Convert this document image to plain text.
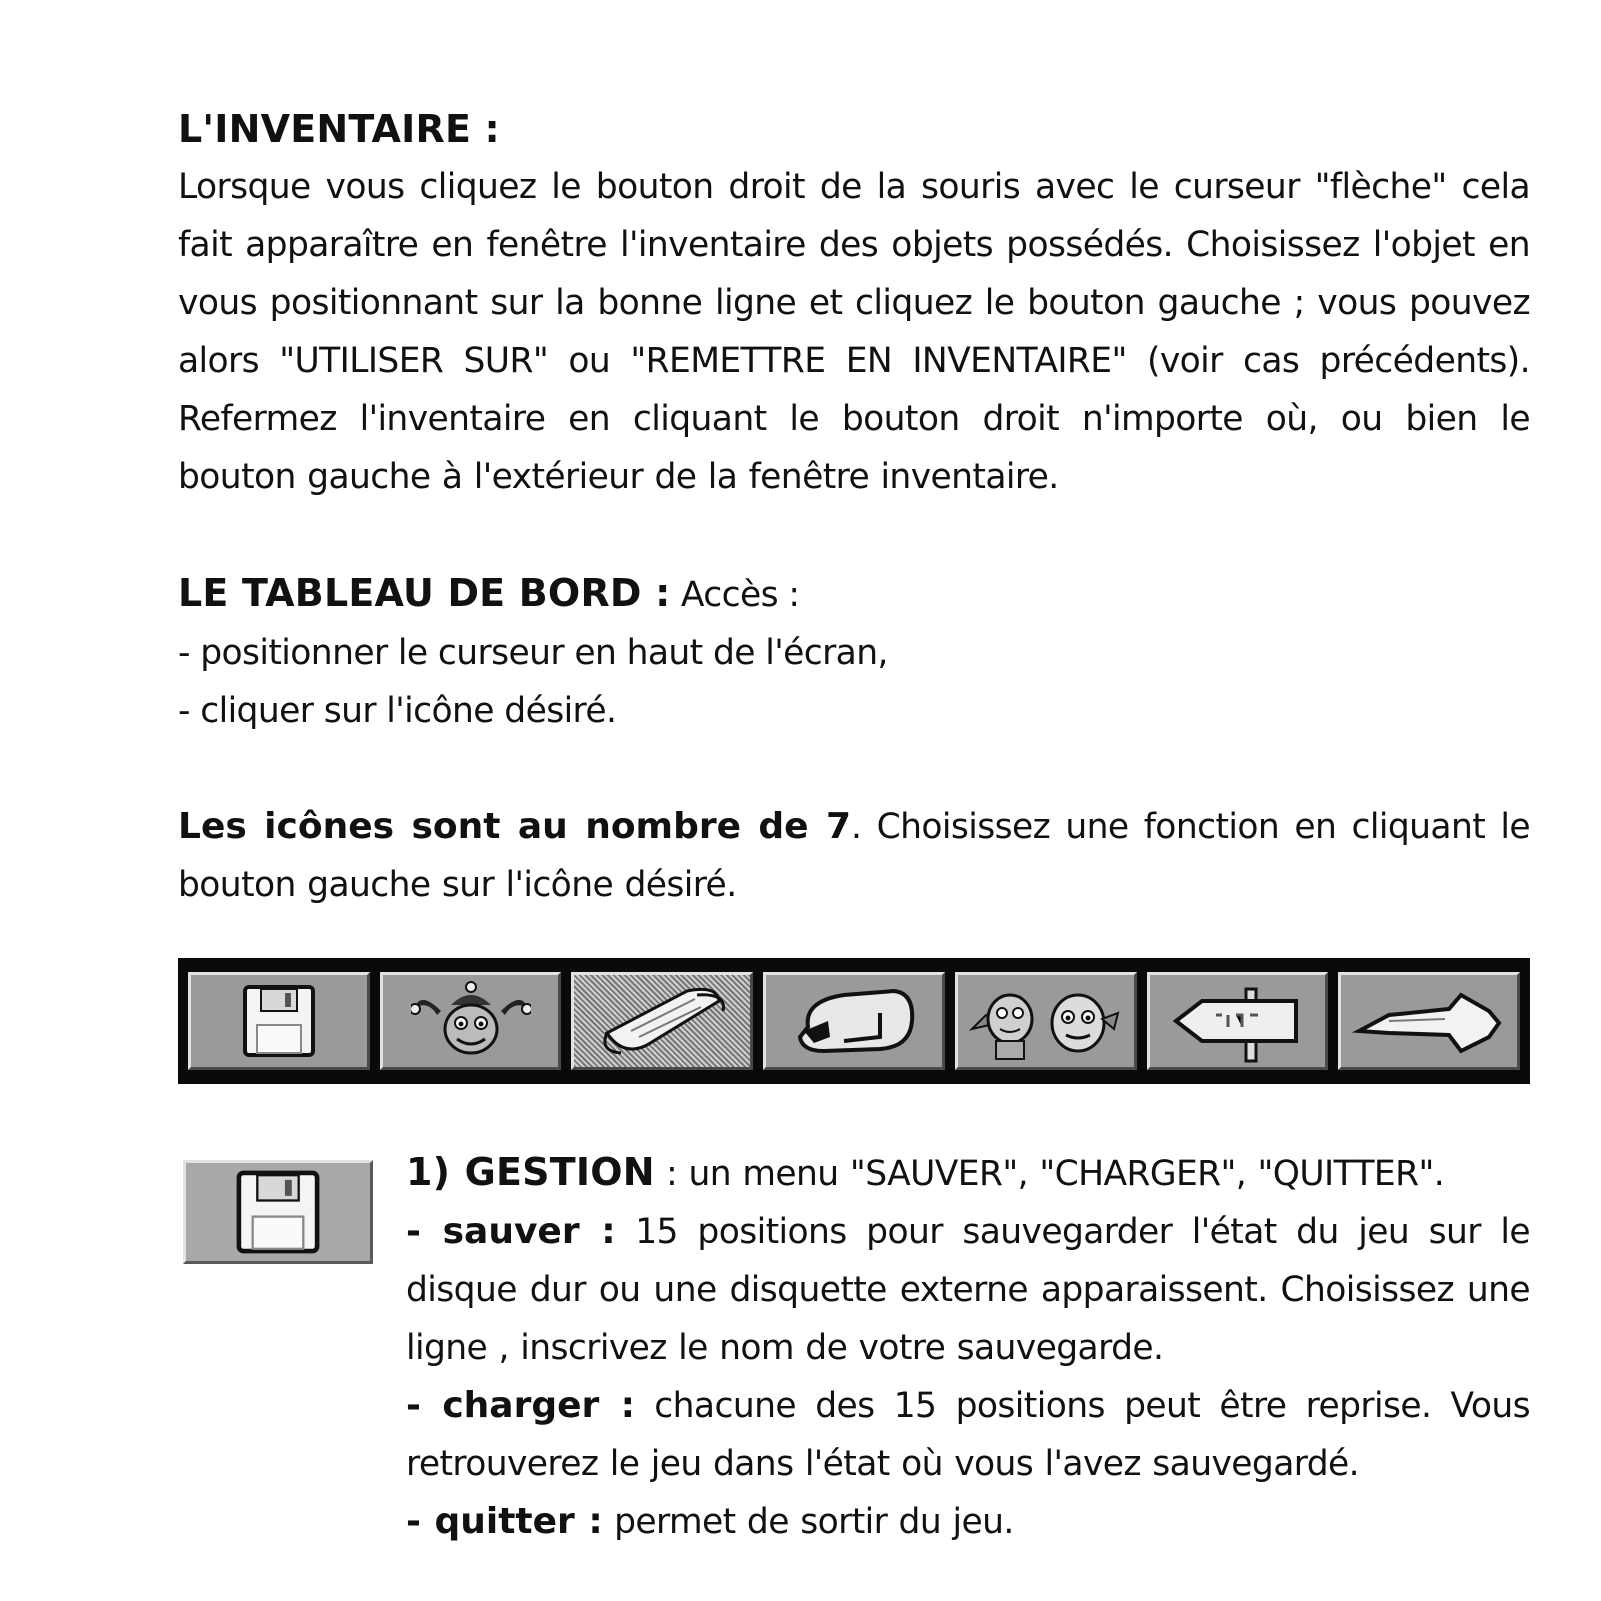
L'INVENTAIRE :

Lorsque vous cliquez le bouton droit de la souris avec le curseur "flèche" cela fait apparaître en fenêtre l'inventaire des objets possédés. Choisissez l'objet en vous positionnant sur la bonne ligne et cliquez le bouton gauche ; vous pouvez alors "UTILISER SUR" ou "REMETTRE EN INVENTAIRE" (voir cas précédents). Refermez l'inventaire en cliquant le bouton droit n'importe où, ou bien le bouton gauche à l'extérieur de la fenêtre inventaire.

LE TABLEAU DE BORD : Accès :
- positionner le curseur en haut de l'écran,
- cliquer sur l'icône désiré.

Les icônes sont au nombre de 7. Choisissez une fonction en cliquant le bouton gauche sur l'icône désiré.

1) GESTION : un menu "SAUVER", "CHARGER", "QUITTER".

- sauver : 15 positions pour sauvegarder l'état du jeu sur le disque dur ou une disquette externe apparaissent. Choisissez une ligne , inscrivez le nom de votre sauvegarde.

- charger : chacune des 15 positions peut être reprise. Vous retrouverez le jeu dans l'état où vous l'avez sauvegardé.

- quitter : permet de sortir du jeu.
